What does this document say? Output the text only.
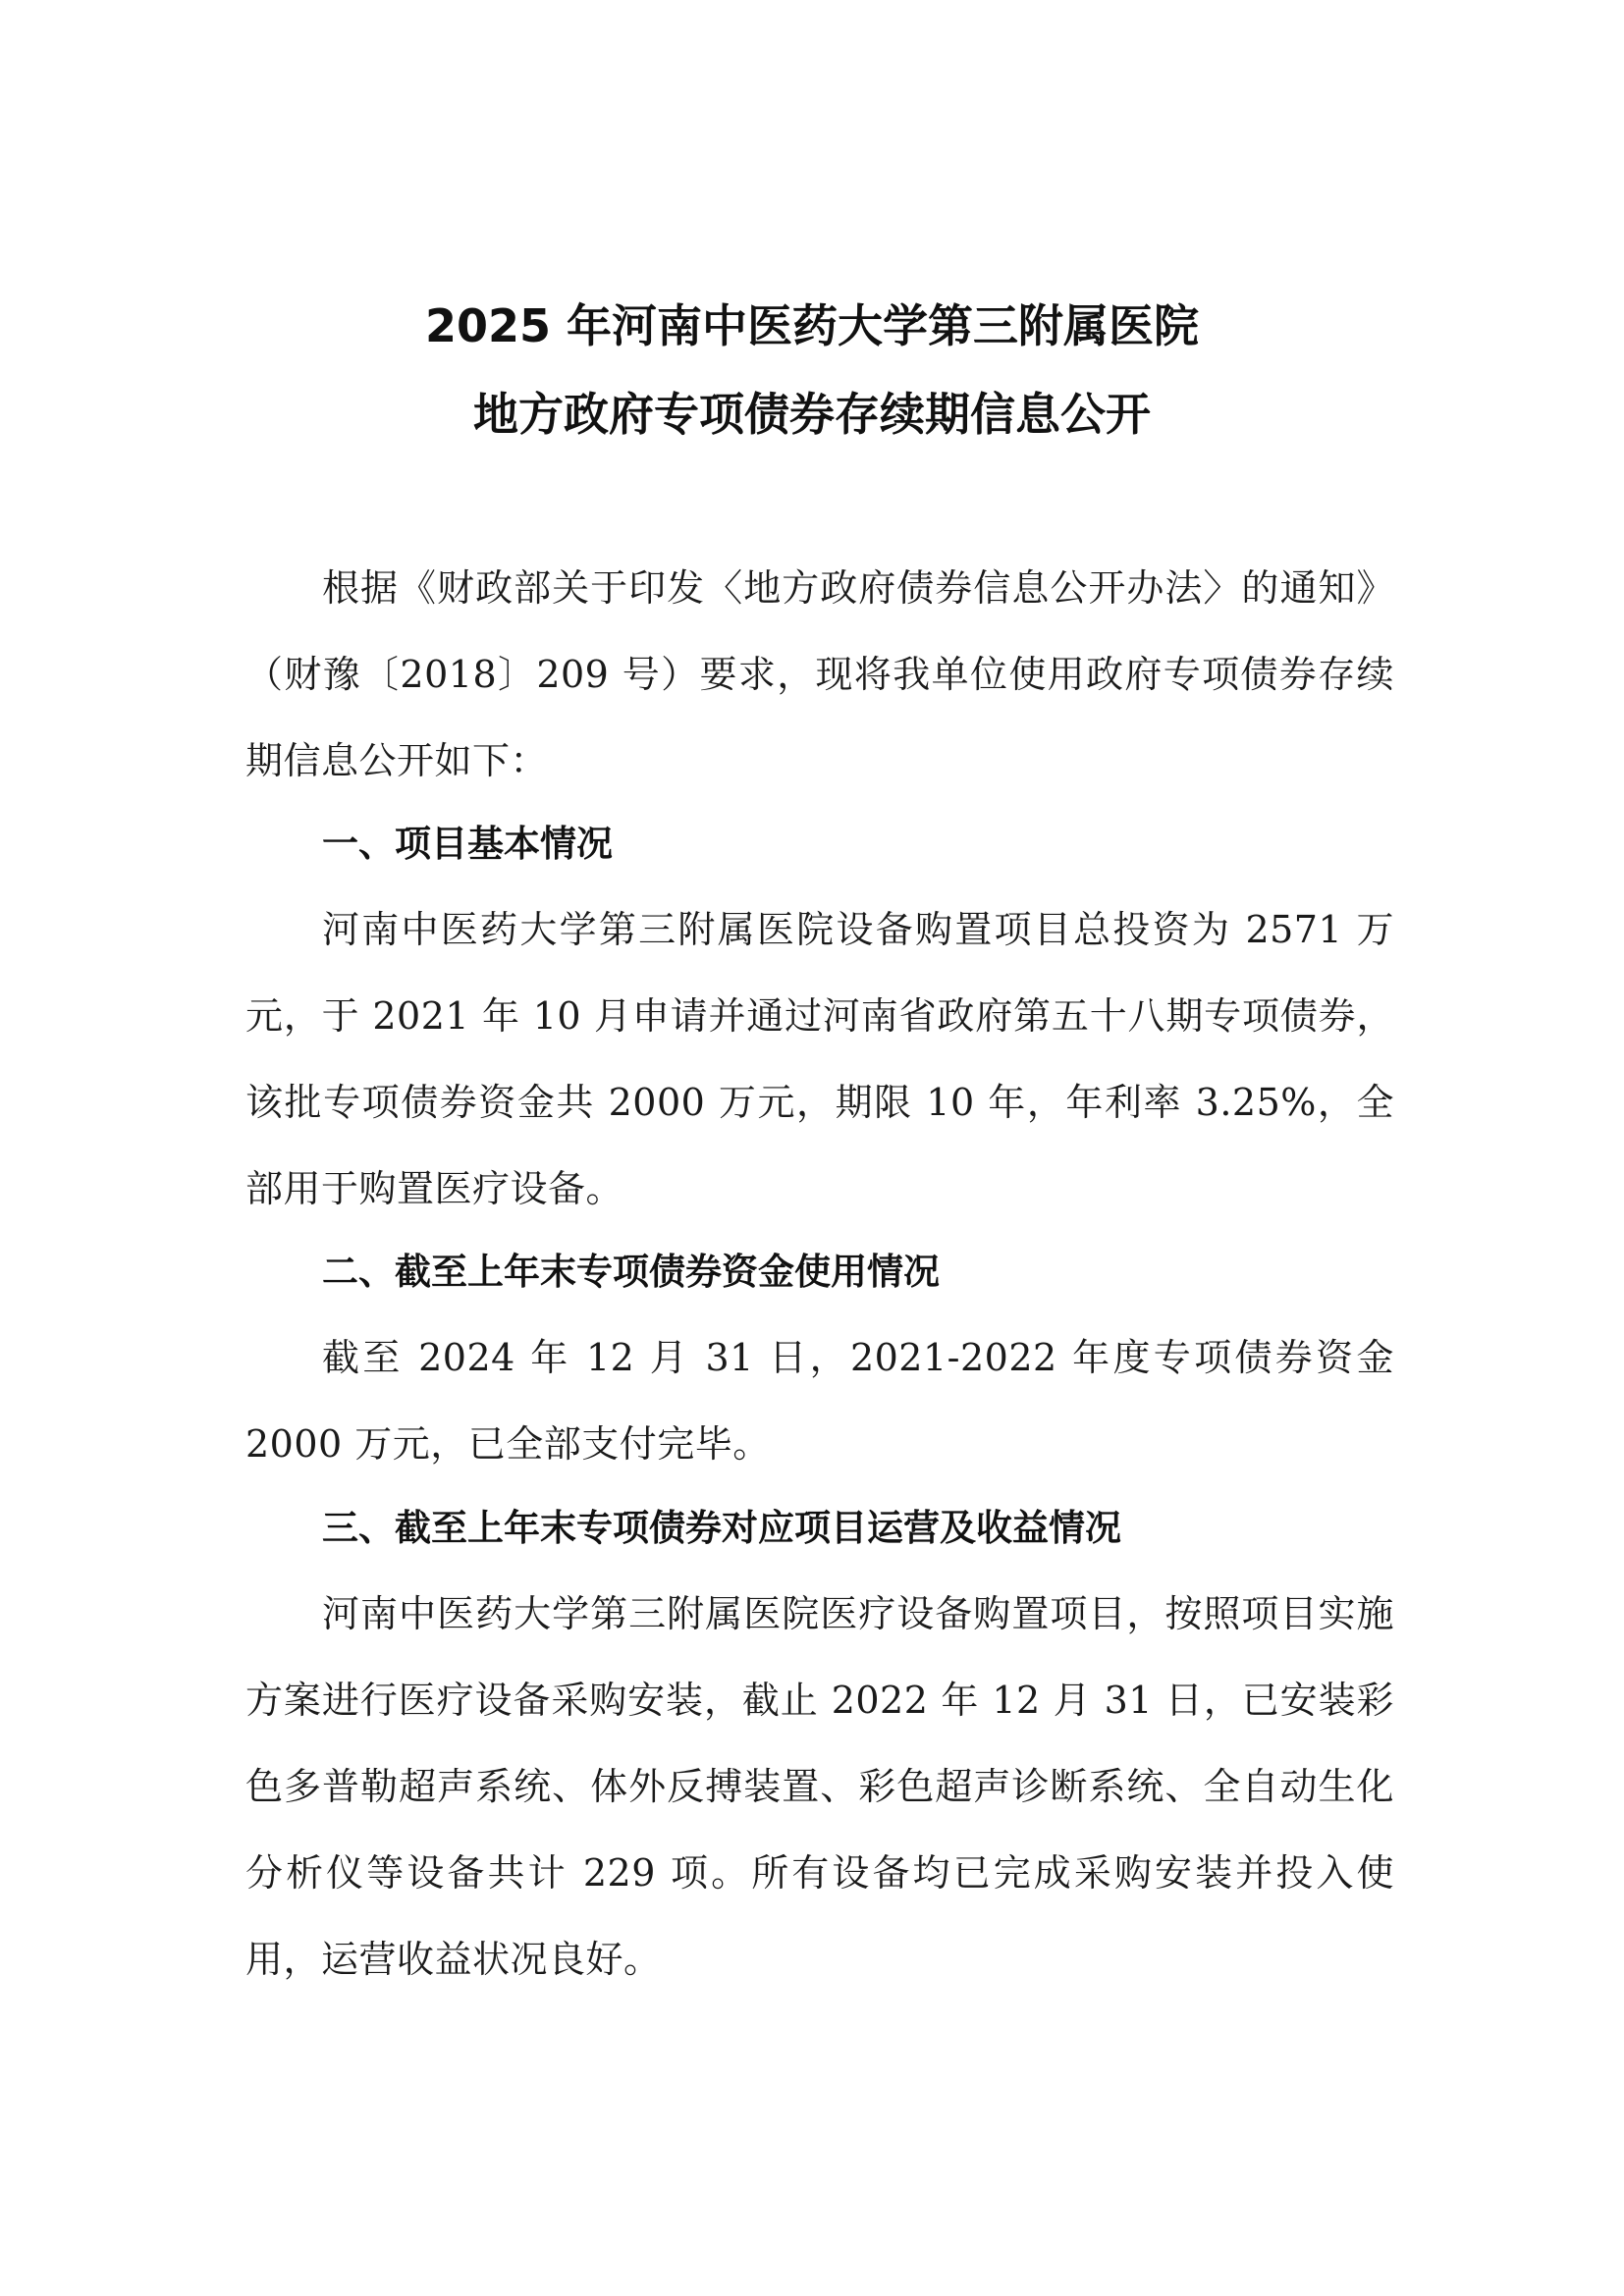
2025 年河南中医药大学第三附属医院
地方政府专项债券存续期信息公开
根据《财政部关于印发〈地方政府债券信息公开办法〉的通知》（财豫〔2018〕209 号）要求，现将我单位使用政府专项债券存续期信息公开如下：
一、项目基本情况
河南中医药大学第三附属医院设备购置项目总投资为 2571 万元，于 2021 年 10 月申请并通过河南省政府第五十八期专项债券，该批专项债券资金共 2000 万元，期限 10 年，年利率 3.25%，全部用于购置医疗设备。
二、截至上年末专项债券资金使用情况
截至 2024 年 12 月 31 日，2021-2022 年度专项债券资金 2000 万元，已全部支付完毕。
三、截至上年末专项债券对应项目运营及收益情况
河南中医药大学第三附属医院医疗设备购置项目，按照项目实施方案进行医疗设备采购安装，截止 2022 年 12 月 31 日，已安装彩色多普勒超声系统、体外反搏装置、彩色超声诊断系统、全自动生化分析仪等设备共计 229 项。所有设备均已完成采购安装并投入使用，运营收益状况良好。
